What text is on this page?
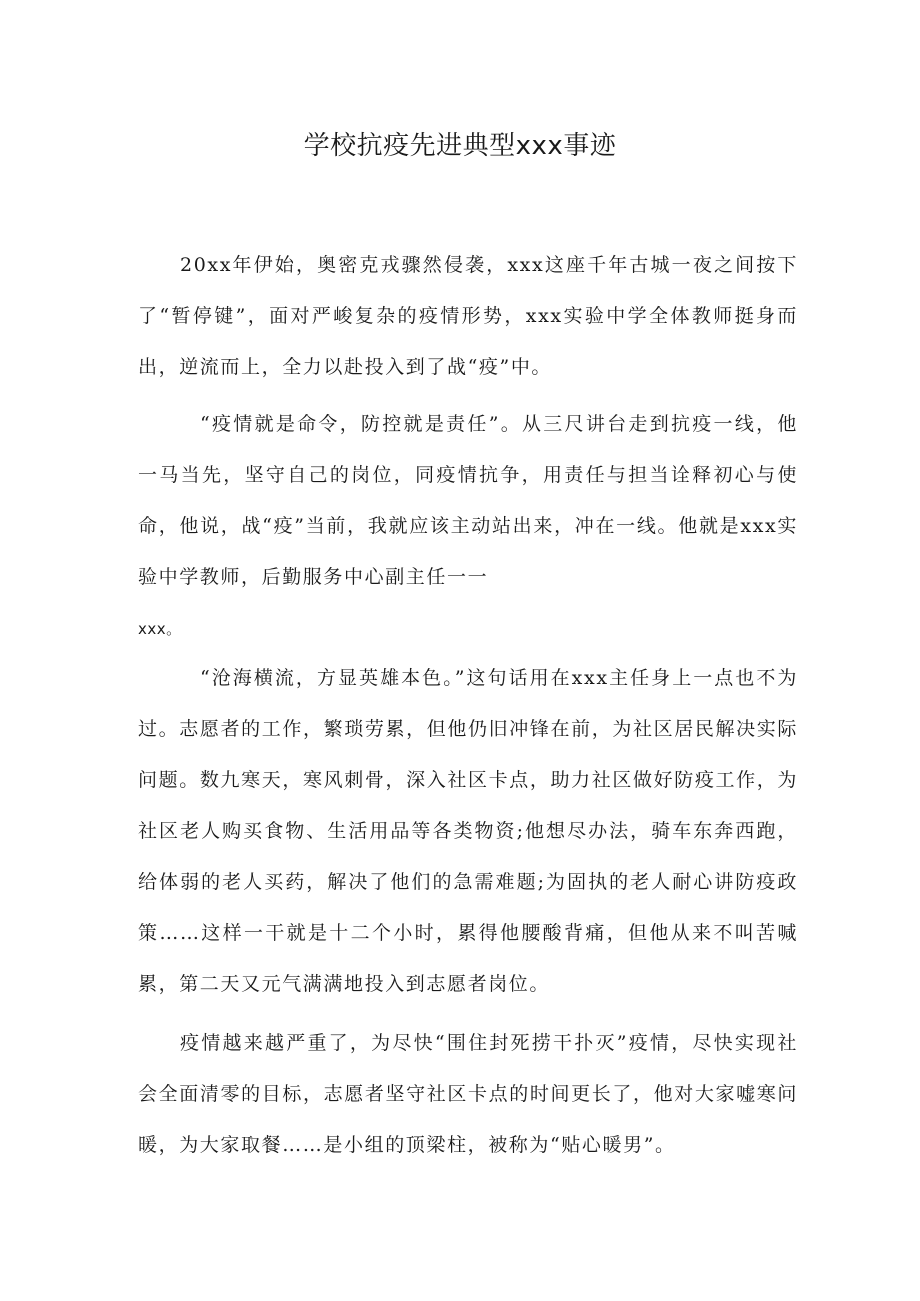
学校抗疫先进典型xxx事迹

20xx年伊始，奥密克戎骤然侵袭，xxx这座千年古城一夜之间按下了“暂停键”，面对严峻复杂的疫情形势，xxx实验中学全体教师挺身而出，逆流而上，全力以赴投入到了战“疫”中。

“疫情就是命令，防控就是责任”。从三尺讲台走到抗疫一线，他一马当先，坚守自己的岗位，同疫情抗争，用责任与担当诠释初心与使命，他说，战“疫”当前，我就应该主动站出来，冲在一线。他就是xxx实验中学教师，后勤服务中心副主任一一

xxx。

“沧海横流，方显英雄本色。”这句话用在xxx主任身上一点也不为过。志愿者的工作，繁琐劳累，但他仍旧冲锋在前，为社区居民解决实际问题。数九寒天，寒风刺骨，深入社区卡点，助力社区做好防疫工作，为社区老人购买食物、生活用品等各类物资;他想尽办法，骑车东奔西跑，给体弱的老人买药，解决了他们的急需难题;为固执的老人耐心讲防疫政策……这样一干就是十二个小时，累得他腰酸背痛，但他从来不叫苦喊累，第二天又元气满满地投入到志愿者岗位。

疫情越来越严重了，为尽快“围住封死捞干扑灭”疫情，尽快实现社会全面清零的目标，志愿者坚守社区卡点的时间更长了，他对大家嘘寒问暖，为大家取餐……是小组的顶梁柱，被称为“贴心暖男”。
